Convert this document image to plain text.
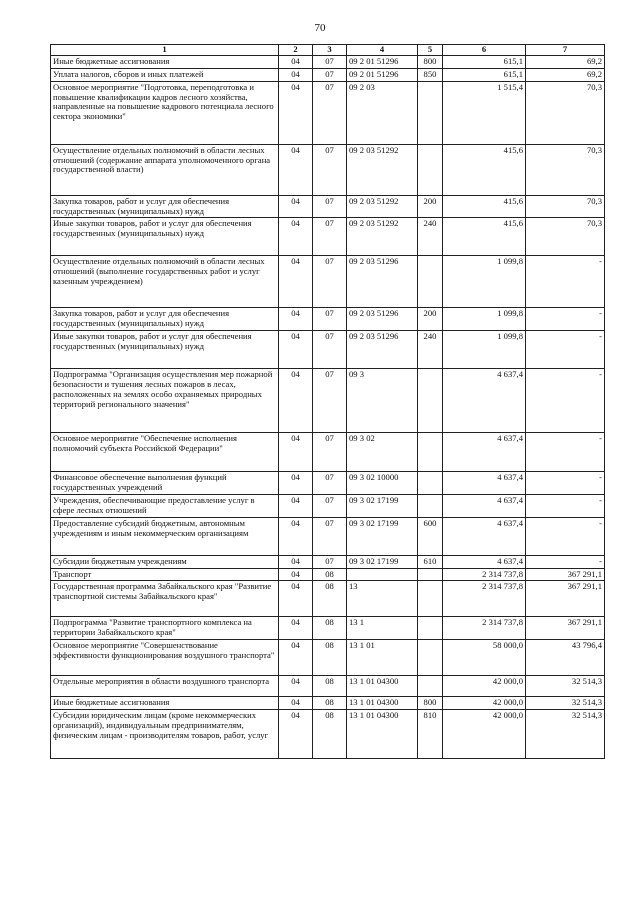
70
1	2	3	4	5	6	7
Иные бюджетные ассигнования	04	07	09 2 01 51296	800	615,1	69,2
Уплата налогов, сборов и иных платежей	04	07	09 2 01 51296	850	615,1	69,2
Основное мероприятие "Подготовка, переподготовка и повышение квалификации кадров лесного хозяйства, направленные на повышение кадрового потенциала лесного сектора экономики"	04	07	09 2 03		1 515,4	70,3
Осуществление отдельных полномочий в области лесных отношений (содержание аппарата уполномоченного органа государственной власти)	04	07	09 2 03 51292		415,6	70,3
Закупка товаров, работ и услуг для обеспечения государственных (муниципальных) нужд	04	07	09 2 03 51292	200	415,6	70,3
Иные закупки товаров, работ и услуг для обеспечения государственных (муниципальных) нужд	04	07	09 2 03 51292	240	415,6	70,3
Осуществление отдельных полномочий в области лесных отношений (выполнение государственных работ и услуг казенным учреждением)	04	07	09 2 03 51296		1 099,8	-
Закупка товаров, работ и услуг для обеспечения государственных (муниципальных) нужд	04	07	09 2 03 51296	200	1 099,8	-
Иные закупки товаров, работ и услуг для обеспечения государственных (муниципальных) нужд	04	07	09 2 03 51296	240	1 099,8	-
Подпрограмма "Организация осуществления мер пожарной безопасности и тушения лесных пожаров в лесах, расположенных на землях особо охраняемых природных территорий регионального значения"	04	07	09 3		4 637,4	-
Основное мероприятие "Обеспечение исполнения полномочий субъекта Российской Федерации"	04	07	09 3 02		4 637,4	-
Финансовое обеспечение выполнения функций государственных учреждений	04	07	09 3 02 10000		4 637,4	-
Учреждения, обеспечивающие предоставление услуг в сфере лесных отношений	04	07	09 3 02 17199		4 637,4	-
Предоставление субсидий бюджетным, автономным учреждениям и иным некоммерческим организациям	04	07	09 3 02 17199	600	4 637,4	-
Субсидии бюджетным учреждениям	04	07	09 3 02 17199	610	4 637,4	-
Транспорт	04	08			2 314 737,8	367 291,1
Государственная программа Забайкальского края "Развитие транспортной системы Забайкальского края"	04	08	13		2 314 737,8	367 291,1
Подпрограмма "Развитие транспортного комплекса на территории Забайкальского края"	04	08	13 1		2 314 737,8	367 291,1
Основное мероприятие "Совершенствование эффективности функционирования воздушного транспорта"	04	08	13 1 01		58 000,0	43 796,4
Отдельные мероприятия в области воздушного транспорта	04	08	13 1 01 04300		42 000,0	32 514,3
Иные бюджетные ассигнования	04	08	13 1 01 04300	800	42 000,0	32 514,3
Субсидии юридическим лицам (кроме некоммерческих организаций), индивидуальным предпринимателям, физическим лицам - производителям товаров, работ, услуг	04	08	13 1 01 04300	810	42 000,0	32 514,3
